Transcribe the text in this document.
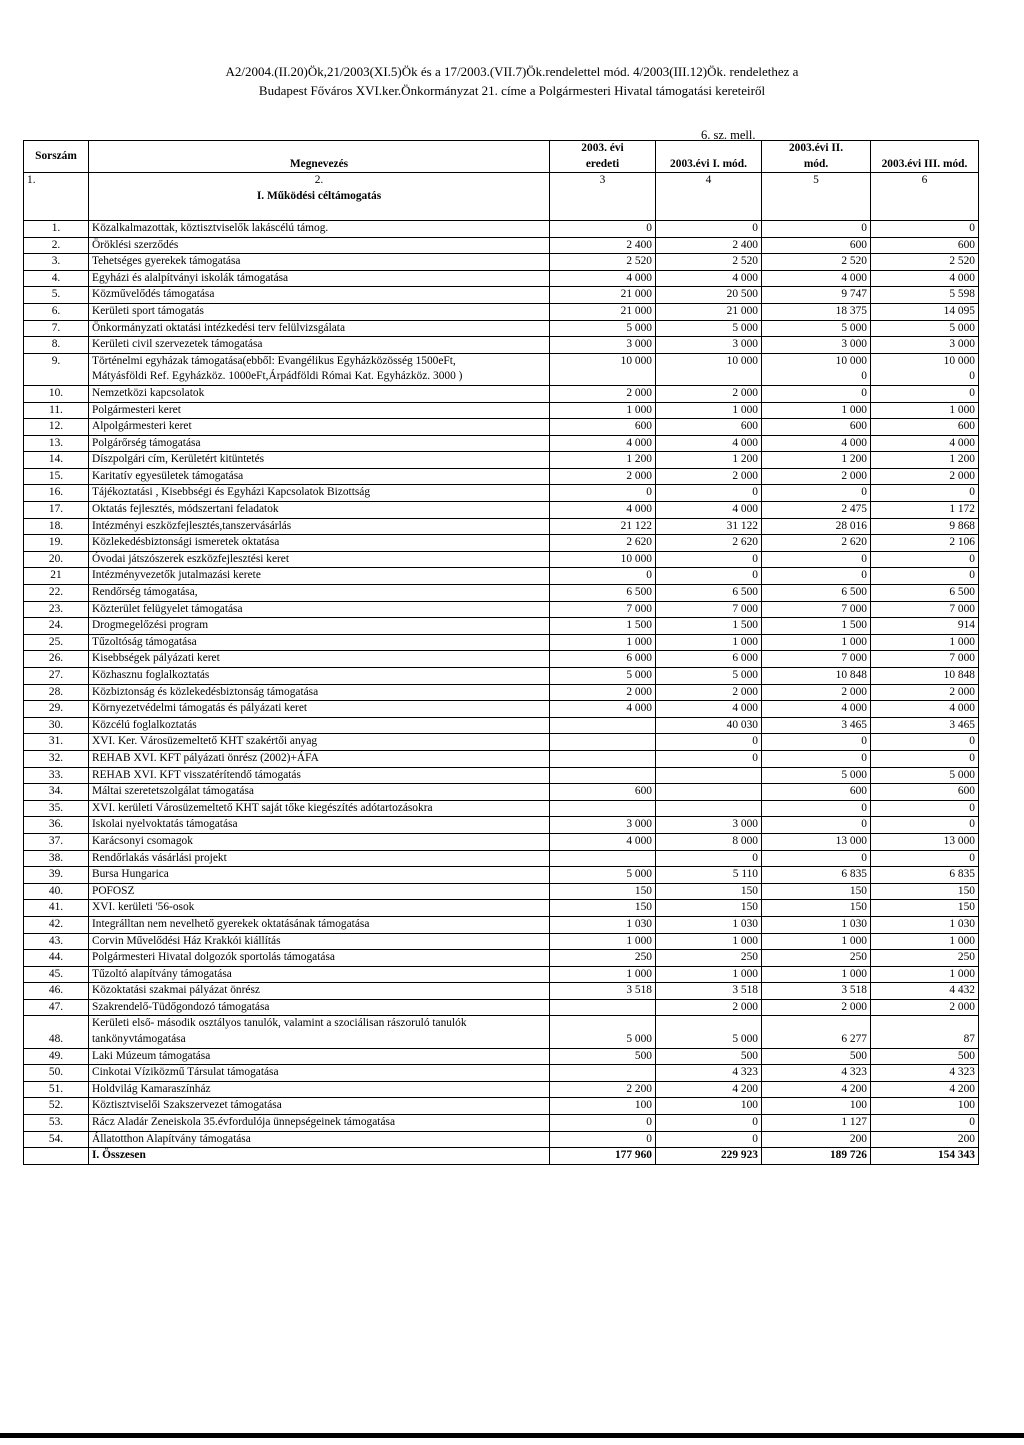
A2/2004.(II.20)Ök,21/2003(XI.5)Ök és a 17/2003.(VII.7)Ök.rendelettel mód. 4/2003(III.12)Ök. rendelethez a
Budapest Főváros XVI.ker.Önkormányzat 21. címe a Polgármesteri Hivatal támogatási kereteiről
6. sz. mell.
Sorszám	Megnevezés	2003. évi	2003.évi I. mód.	2003.évi II.	2003.évi III. mód.
		eredeti		mód.	
1.	2.	3	4	5	6
	I. Működési céltámogatás				

1.	Közalkalmazottak, köztisztviselők lakáscélú támog.	0	0	0	0
2.	Öröklési szerződés	2 400	2 400	600	600
3.	Tehetséges gyerekek támogatása	2 520	2 520	2 520	2 520
4.	Egyházi és alalpítványi iskolák támogatása	4 000	4 000	4 000	4 000
5.	Közművelődés támogatása	21 000	20 500	9 747	5 598
6.	Kerületi sport támogatás	21 000	21 000	18 375	14 095
7.	Önkormányzati oktatási intézkedési terv felülvizsgálata	5 000	5 000	5 000	5 000
8.	Kerületi civil szervezetek támogatása	3 000	3 000	3 000	3 000
9.	Történelmi egyházak támogatása(ebből: Evangélikus Egyházközösség 1500eFt,	10 000	10 000	10 000	10 000
	Mátyásföldi Ref. Egyházköz. 1000eFt,Árpádföldi Római Kat. Egyházköz. 3000 )			0	0
10.	Nemzetközi kapcsolatok	2 000	2 000	0	0
11.	Polgármesteri keret	1 000	1 000	1 000	1 000
12.	Alpolgármesteri keret	600	600	600	600
13.	Polgárőrség támogatása	4 000	4 000	4 000	4 000
14.	Díszpolgári cím, Kerületért kitüntetés	1 200	1 200	1 200	1 200
15.	Karitatív egyesületek támogatása	2 000	2 000	2 000	2 000
16.	Tájékoztatási , Kisebbségi és Egyházi Kapcsolatok Bizottság	0	0	0	0
17.	Oktatás fejlesztés, módszertani feladatok	4 000	4 000	2 475	1 172
18.	Intézményi eszközfejlesztés,tanszervásárlás	21 122	31 122	28 016	9 868
19.	Közlekedésbiztonsági ismeretek oktatása	2 620	2 620	2 620	2 106
20.	Óvodai játszószerek eszközfejlesztési keret	10 000	0	0	0
21	Intézményvezetők jutalmazási kerete	0	0	0	0
22.	Rendőrség támogatása,	6 500	6 500	6 500	6 500
23.	Közterület felügyelet támogatása	7 000	7 000	7 000	7 000
24.	Drogmegelőzési program	1 500	1 500	1 500	914
25.	Tűzoltóság támogatása	1 000	1 000	1 000	1 000
26.	Kisebbségek pályázati keret	6 000	6 000	7 000	7 000
27.	Közhasznu foglalkoztatás	5 000	5 000	10 848	10 848
28.	Közbiztonság és közlekedésbiztonság támogatása	2 000	2 000	2 000	2 000
29.	Környezetvédelmi támogatás és pályázati keret	4 000	4 000	4 000	4 000
30.	Közcélú foglalkoztatás		40 030	3 465	3 465
31.	XVI. Ker. Városüzemeltető KHT szakértői anyag		0	0	0
32.	REHAB XVI. KFT pályázati önrész (2002)+ÁFA		0	0	0
33.	REHAB XVI. KFT visszatérítendő támogatás			5 000	5 000
34.	Máltai szeretetszolgálat támogatása	600		600	600
35.	XVI. kerületi Városüzemeltető KHT saját tőke kiegészítés adótartozásokra			0	0
36.	Iskolai nyelvoktatás támogatása	3 000	3 000	0	0
37.	Karácsonyi csomagok	4 000	8 000	13 000	13 000
38.	Rendőrlakás vásárlási projekt		0	0	0
39.	Bursa Hungarica	5 000	5 110	6 835	6 835
40.	POFOSZ	150	150	150	150
41.	XVI. kerületi '56-osok	150	150	150	150
42.	Integrálltan nem nevelhető gyerekek oktatásának támogatása	1 030	1 030	1 030	1 030
43.	Corvin Művelődési Ház Krakkói kiállítás	1 000	1 000	1 000	1 000
44.	Polgármesteri Hivatal dolgozók sportolás támogatása	250	250	250	250
45.	Tűzoltó alapítvány támogatása	1 000	1 000	1 000	1 000
46.	Közoktatási szakmai pályázat önrész	3 518	3 518	3 518	4 432
47.	Szakrendelő-Tüdőgondozó támogatása		2 000	2 000	2 000
	Kerületi első- második osztályos tanulók, valamint a szociálisan rászoruló tanulók				
48.	tankönyvtámogatása	5 000	5 000	6 277	87
49.	Laki Múzeum támogatása	500	500	500	500
50.	Cinkotai Víziközmű Társulat támogatása		4 323	4 323	4 323
51.	Holdvilág Kamaraszínház	2 200	4 200	4 200	4 200
52.	Köztisztviselői Szakszervezet támogatása	100	100	100	100
53.	Rácz Aladár Zeneiskola 35.évfordulója ünnepségeinek támogatása	0	0	1 127	0
54.	Állatotthon Alapítvány támogatása	0	0	200	200
	I. Összesen	177 960	229 923	189 726	154 343
